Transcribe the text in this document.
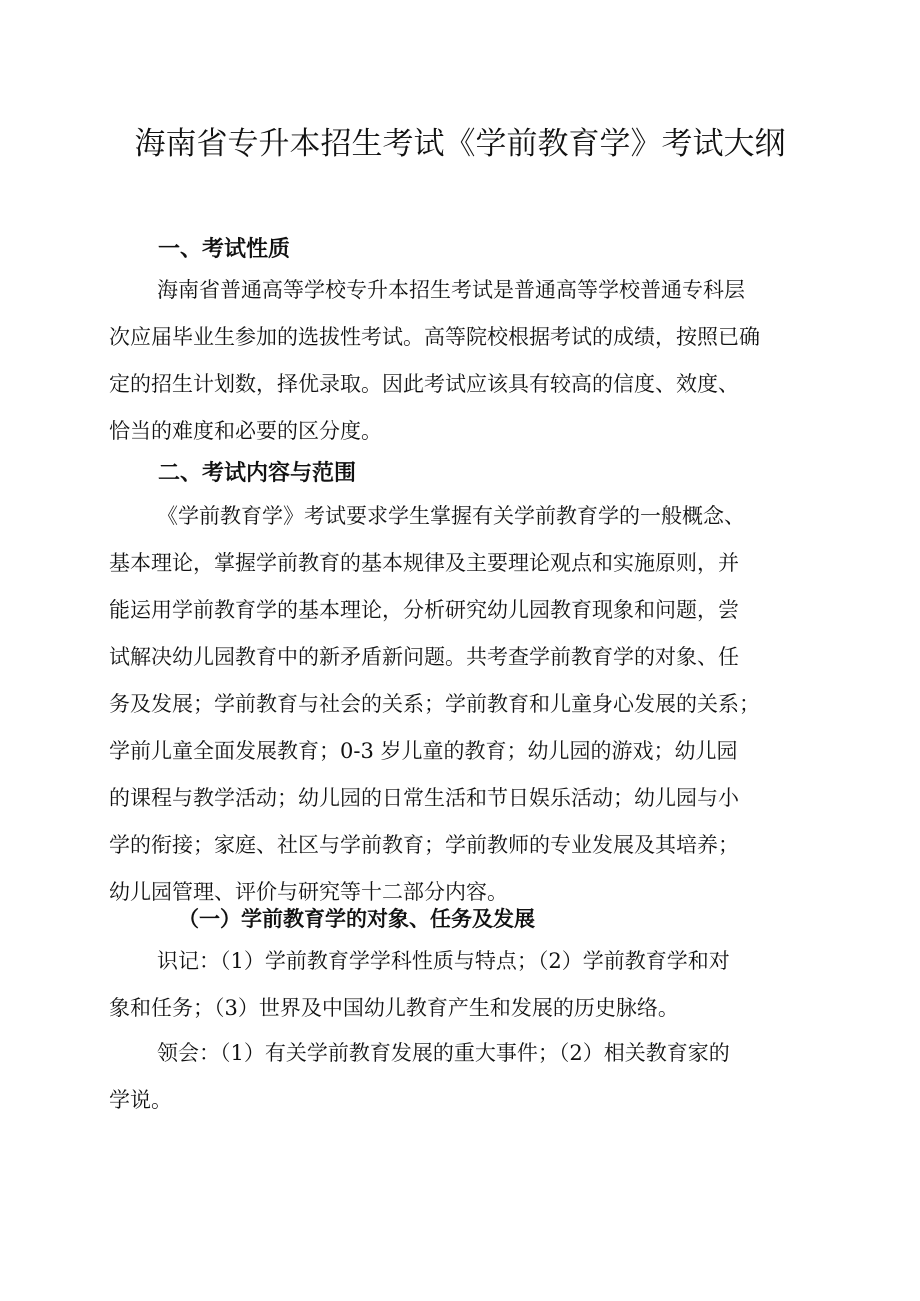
海南省专升本招生考试《学前教育学》考试大纲
一、考试性质
海南省普通高等学校专升本招生考试是普通高等学校普通专科层
次应届毕业生参加的选拔性考试。高等院校根据考试的成绩，按照已确
定的招生计划数，择优录取。因此考试应该具有较高的信度、效度、
恰当的难度和必要的区分度。
二、考试内容与范围
《学前教育学》考试要求学生掌握有关学前教育学的一般概念、
基本理论，掌握学前教育的基本规律及主要理论观点和实施原则，并
能运用学前教育学的基本理论，分析研究幼儿园教育现象和问题，尝
试解决幼儿园教育中的新矛盾新问题。共考查学前教育学的对象、任
务及发展；学前教育与社会的关系；学前教育和儿童身心发展的关系；
学前儿童全面发展教育；0-3 岁儿童的教育；幼儿园的游戏；幼儿园
的课程与教学活动；幼儿园的日常生活和节日娱乐活动；幼儿园与小
学的衔接；家庭、社区与学前教育；学前教师的专业发展及其培养；
幼儿园管理、评价与研究等十二部分内容。
（一）学前教育学的对象、任务及发展
识记：（1）学前教育学学科性质与特点；（2）学前教育学和对
象和任务；（3）世界及中国幼儿教育产生和发展的历史脉络。
领会：（1）有关学前教育发展的重大事件；（2）相关教育家的
学说。
